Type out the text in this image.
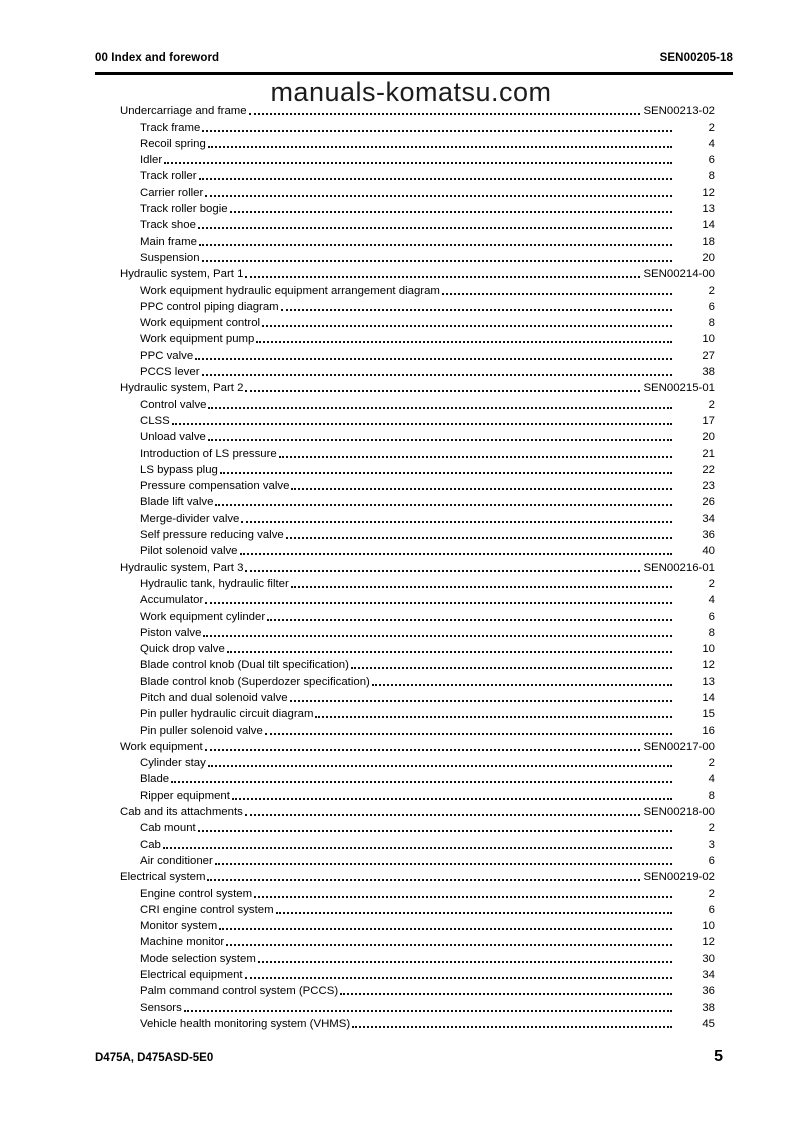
00 Index and foreword	SEN00205-18
manuals-komatsu.com
Undercarriage and frame	SEN00213-02
Track frame	2
Recoil spring	4
Idler	6
Track roller	8
Carrier roller	12
Track roller bogie	13
Track shoe	14
Main frame	18
Suspension	20
Hydraulic system, Part 1	SEN00214-00
Work equipment hydraulic equipment arrangement diagram	2
PPC control piping diagram	6
Work equipment control	8
Work equipment pump	10
PPC valve	27
PCCS lever	38
Hydraulic system, Part 2	SEN00215-01
Control valve	2
CLSS	17
Unload valve	20
Introduction of LS pressure	21
LS bypass plug	22
Pressure compensation valve	23
Blade lift valve	26
Merge-divider valve	34
Self pressure reducing valve	36
Pilot solenoid valve	40
Hydraulic system, Part 3	SEN00216-01
Hydraulic tank, hydraulic filter	2
Accumulator	4
Work equipment cylinder	6
Piston valve	8
Quick drop valve	10
Blade control knob (Dual tilt specification)	12
Blade control knob (Superdozer specification)	13
Pitch and dual solenoid valve	14
Pin puller hydraulic circuit diagram	15
Pin puller solenoid valve	16
Work equipment	SEN00217-00
Cylinder stay	2
Blade	4
Ripper equipment	8
Cab and its attachments	SEN00218-00
Cab mount	2
Cab	3
Air conditioner	6
Electrical system	SEN00219-02
Engine control system	2
CRI engine control system	6
Monitor system	10
Machine monitor	12
Mode selection system	30
Electrical equipment	34
Palm command control system (PCCS)	36
Sensors	38
Vehicle health monitoring system (VHMS)	45
D475A, D475ASD-5E0	5
